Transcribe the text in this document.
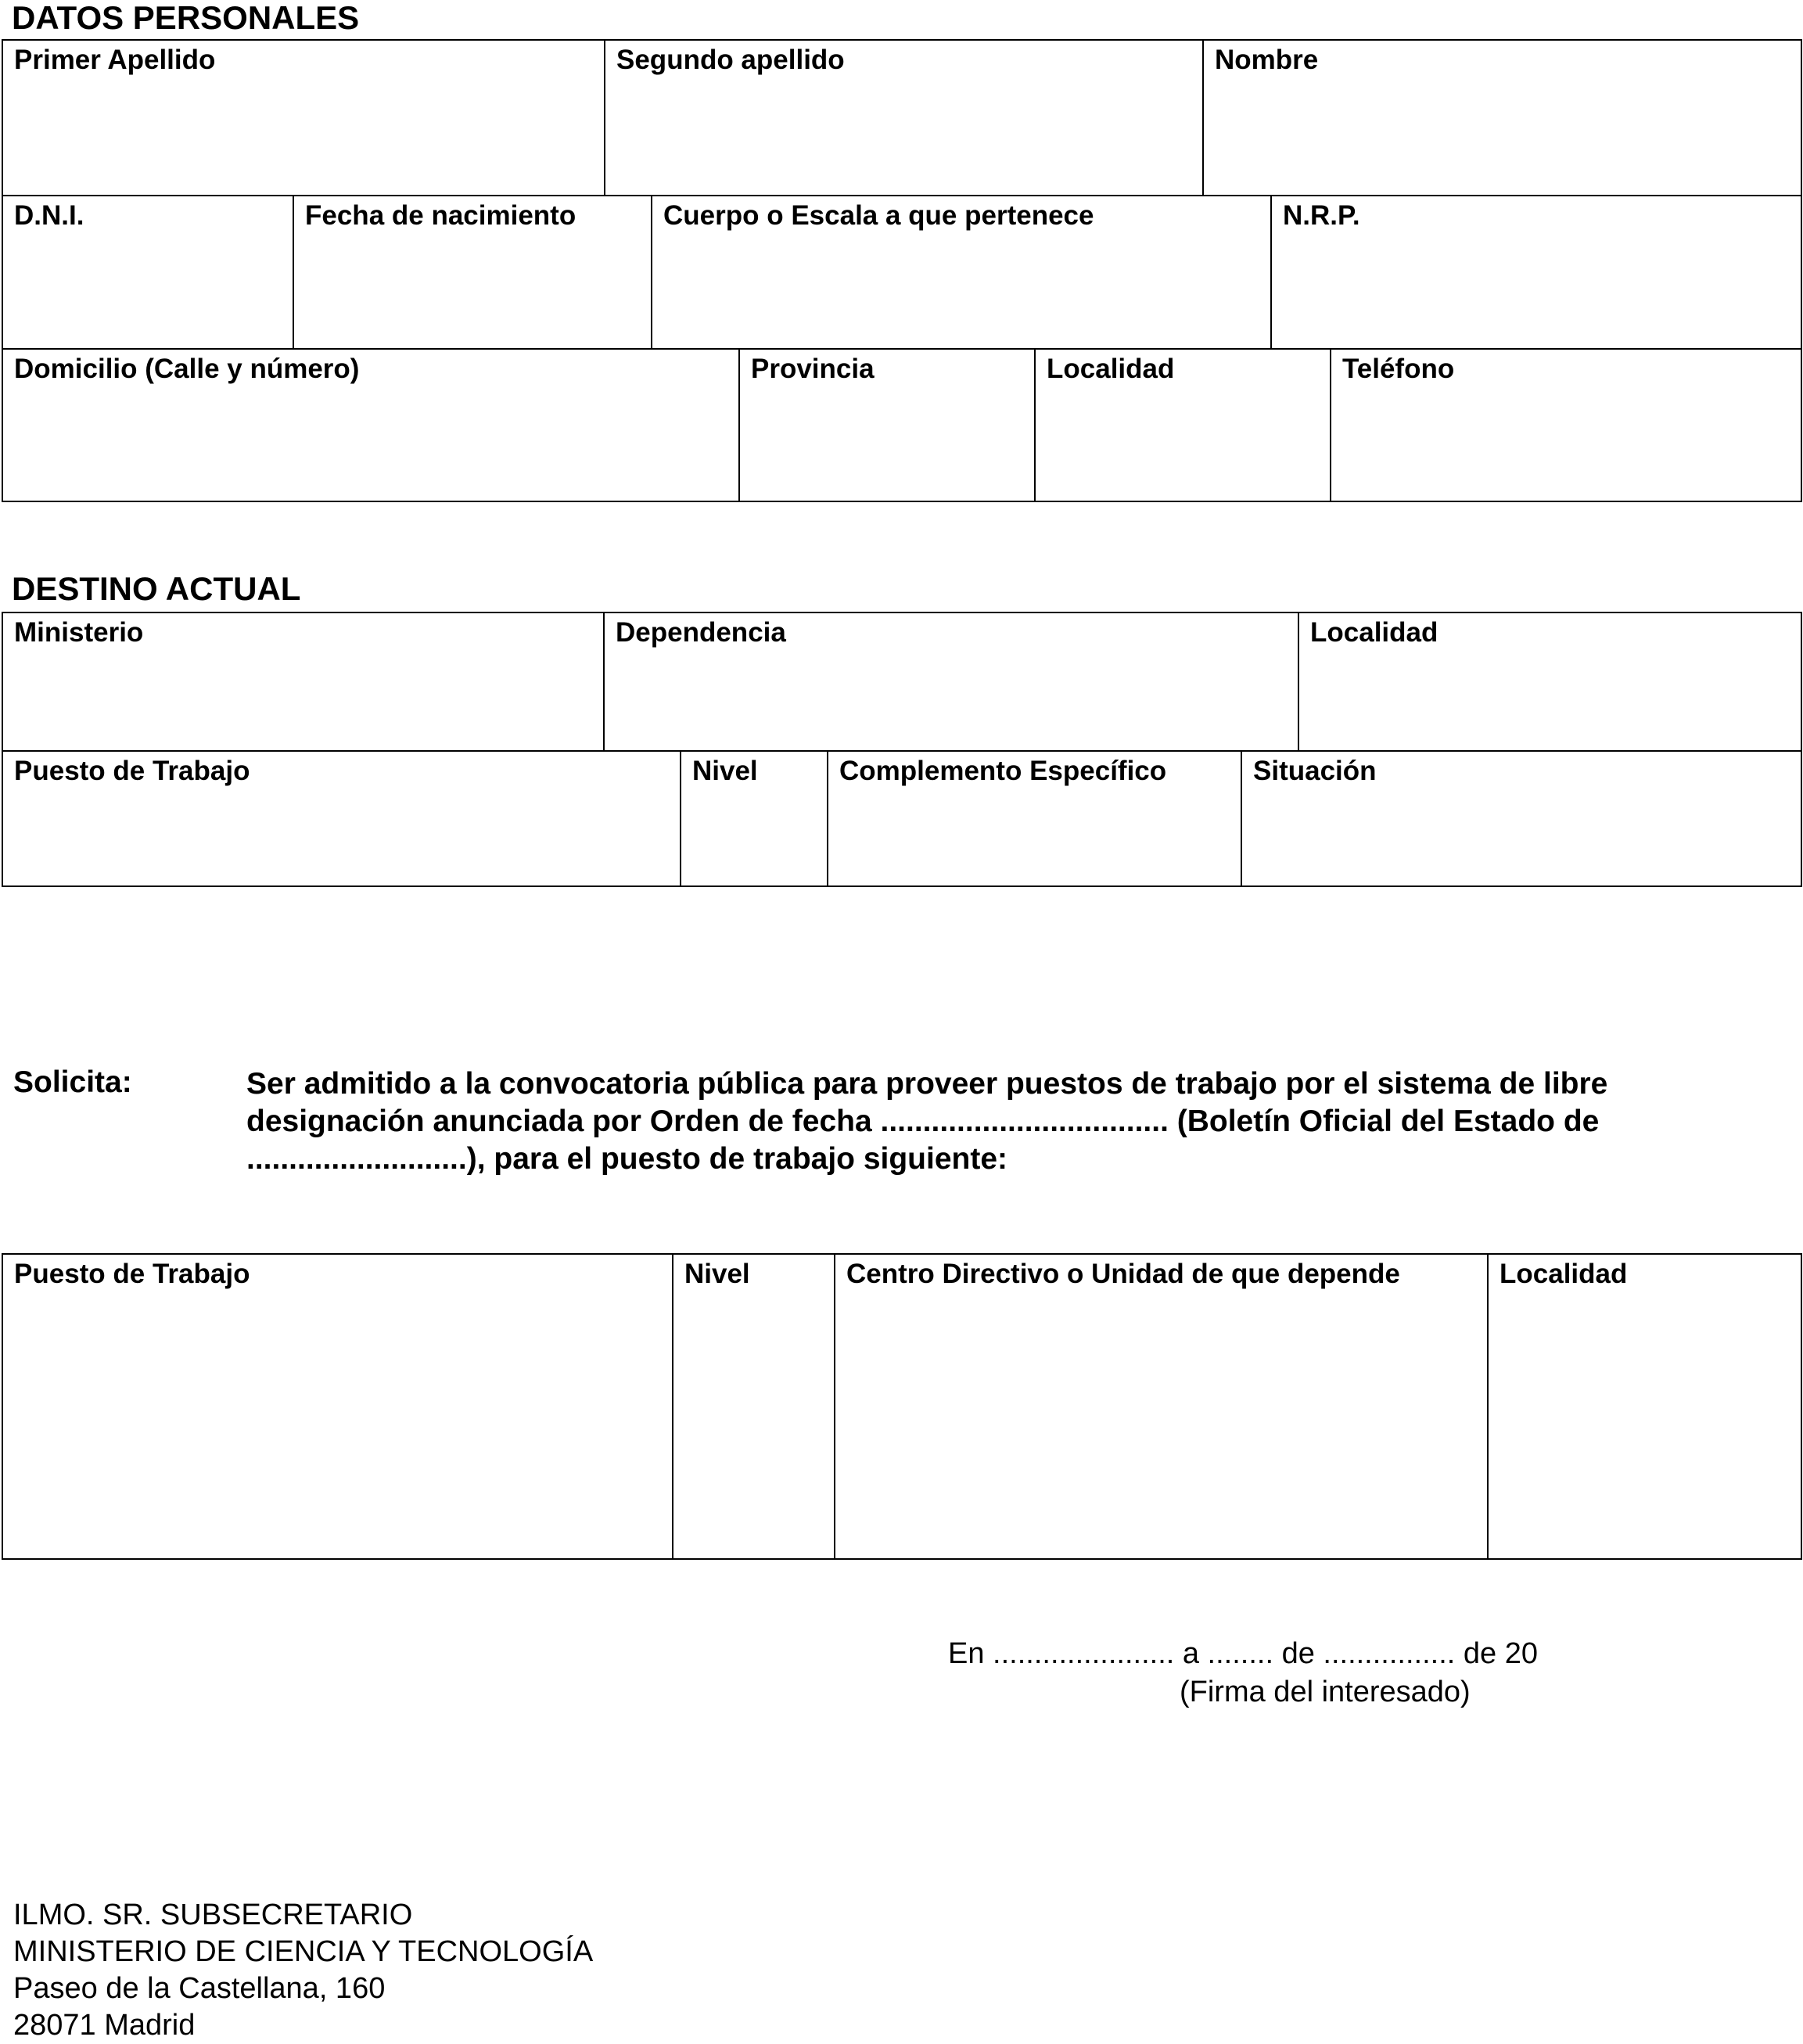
DATOS PERSONALES
Primer Apellido	Segundo apellido	Nombre
D.N.I.	Fecha de nacimiento	Cuerpo o Escala a que pertenece	N.R.P.
Domicilio (Calle y número)	Provincia	Localidad	Teléfono
DESTINO ACTUAL
Ministerio	Dependencia	Localidad
Puesto de Trabajo	Nivel	Complemento Específico	Situación
Solicita:	Ser admitido a la convocatoria pública para proveer puestos de trabajo por el sistema de libre
designación anunciada por Orden de fecha .................................. (Boletín Oficial del Estado de
..........................), para el puesto de trabajo siguiente:
Puesto de Trabajo	Nivel	Centro Directivo o Unidad de que depende	Localidad
En ...................... a ........ de ................ de 20
(Firma del interesado)
ILMO. SR. SUBSECRETARIO
MINISTERIO DE CIENCIA Y TECNOLOGÍA
Paseo de la Castellana, 160
28071 Madrid
